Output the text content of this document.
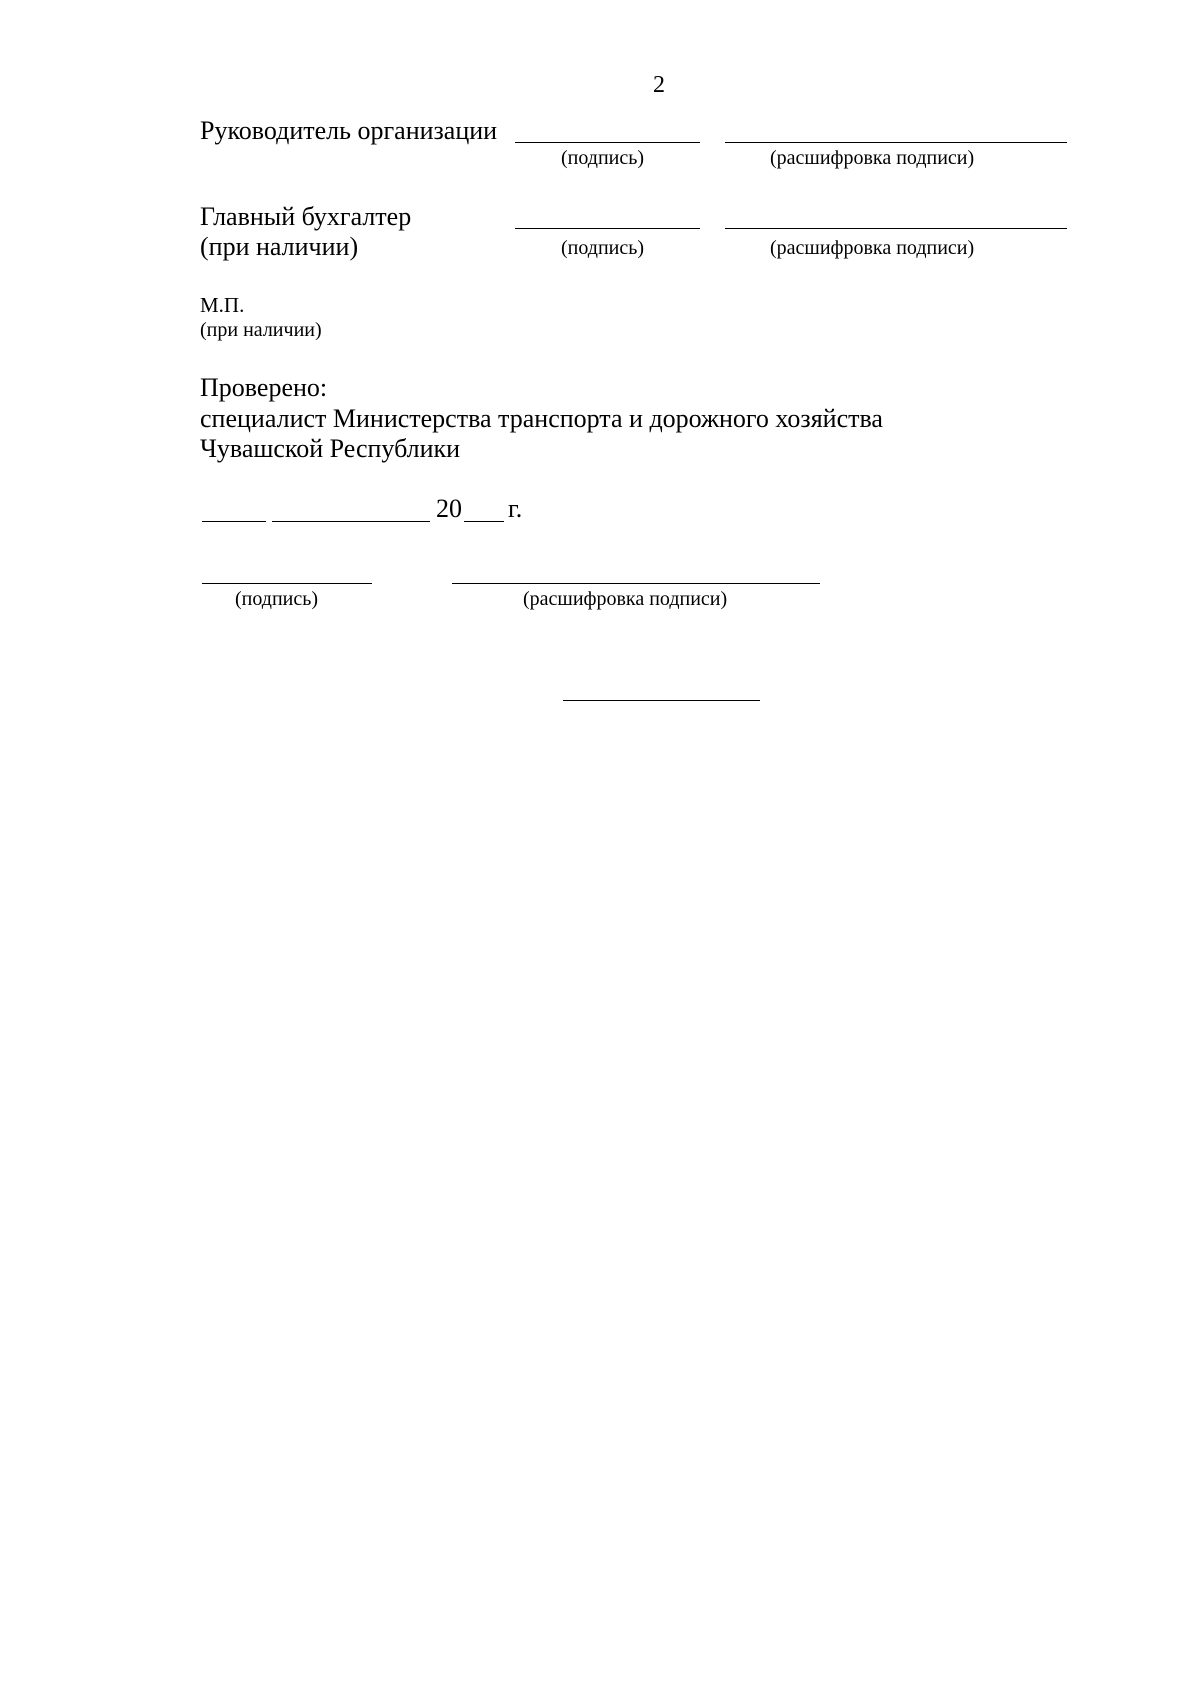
2
Руководитель организации
(подпись)	(расшифровка подписи)
Главный бухгалтер
(при наличии)	(подпись)	(расшифровка подписи)
М.П.
(при наличии)
Проверено:
специалист Министерства транспорта и дорожного хозяйства
Чувашской Республики
20 г.
(подпись)	(расшифровка подписи)
